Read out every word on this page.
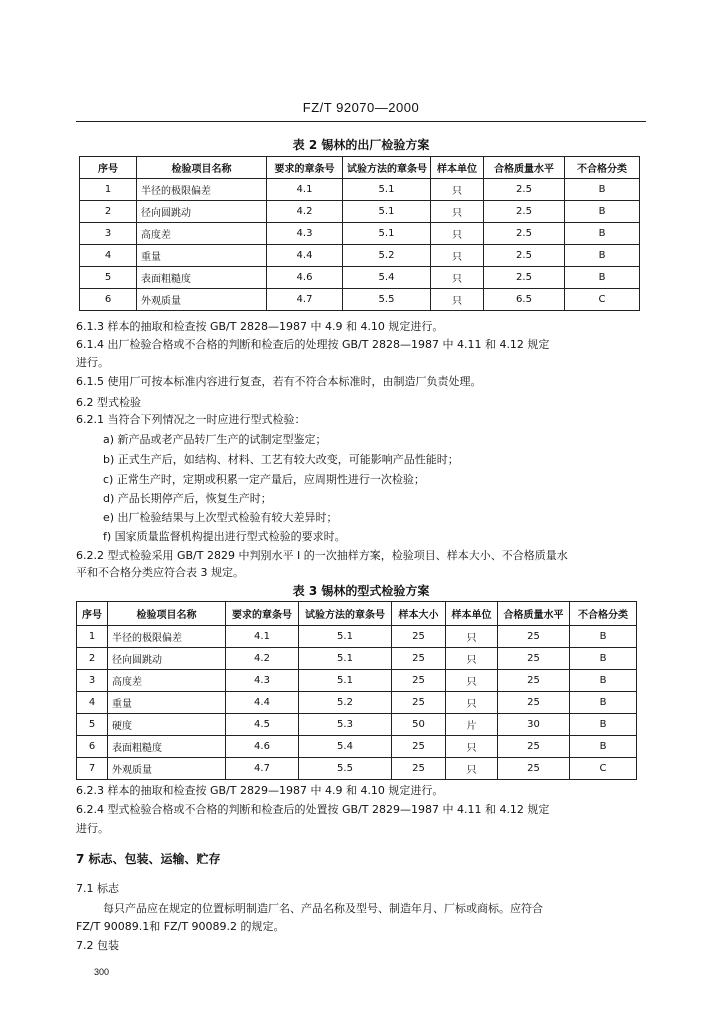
FZ/T 92070—2000
表 2 锡林的出厂检验方案
序号	检验项目名称	要求的章条号	试验方法的章条号	样本单位	合格质量水平	不合格分类
1	半径的极限偏差	4.1	5.1	只	2.5	B
2	径向圆跳动	4.2	5.1	只	2.5	B
3	高度差	4.3	5.1	只	2.5	B
4	重量	4.4	5.2	只	2.5	B
5	表面粗糙度	4.6	5.4	只	2.5	B
6	外观质量	4.7	5.5	只	6.5	C
6.1.3 样本的抽取和检查按 GB/T 2828—1987 中 4.9 和 4.10 规定进行。
6.1.4 出厂检验合格或不合格的判断和检查后的处理按 GB/T 2828—1987 中 4.11 和 4.12 规定
进行。
6.1.5 使用厂可按本标准内容进行复查，若有不符合本标准时，由制造厂负责处理。
6.2 型式检验
6.2.1 当符合下列情况之一时应进行型式检验：
a) 新产品或老产品转厂生产的试制定型鉴定；
b) 正式生产后，如结构、材料、工艺有较大改变，可能影响产品性能时；
c) 正常生产时，定期或积累一定产量后，应周期性进行一次检验；
d) 产品长期停产后，恢复生产时；
e) 出厂检验结果与上次型式检验有较大差异时；
f) 国家质量监督机构提出进行型式检验的要求时。
6.2.2 型式检验采用 GB/T 2829 中判别水平 Ⅰ 的一次抽样方案，检验项目、样本大小、不合格质量水
平和不合格分类应符合表 3 规定。
表 3 锡林的型式检验方案
序号	检验项目名称	要求的章条号	试验方法的章条号	样本大小	样本单位	合格质量水平	不合格分类
1	半径的极限偏差	4.1	5.1	25	只	25	B
2	径向圆跳动	4.2	5.1	25	只	25	B
3	高度差	4.3	5.1	25	只	25	B
4	重量	4.4	5.2	25	只	25	B
5	硬度	4.5	5.3	50	片	30	B
6	表面粗糙度	4.6	5.4	25	只	25	B
7	外观质量	4.7	5.5	25	只	25	C
6.2.3 样本的抽取和检查按 GB/T 2829—1987 中 4.9 和 4.10 规定进行。
6.2.4 型式检验合格或不合格的判断和检查后的处置按 GB/T 2829—1987 中 4.11 和 4.12 规定
进行。
7 标志、包装、运输、贮存
7.1 标志
每只产品应在规定的位置标明制造厂名、产品名称及型号、制造年月、厂标或商标。应符合
FZ/T 90089.1和 FZ/T 90089.2 的规定。
7.2 包装
300
